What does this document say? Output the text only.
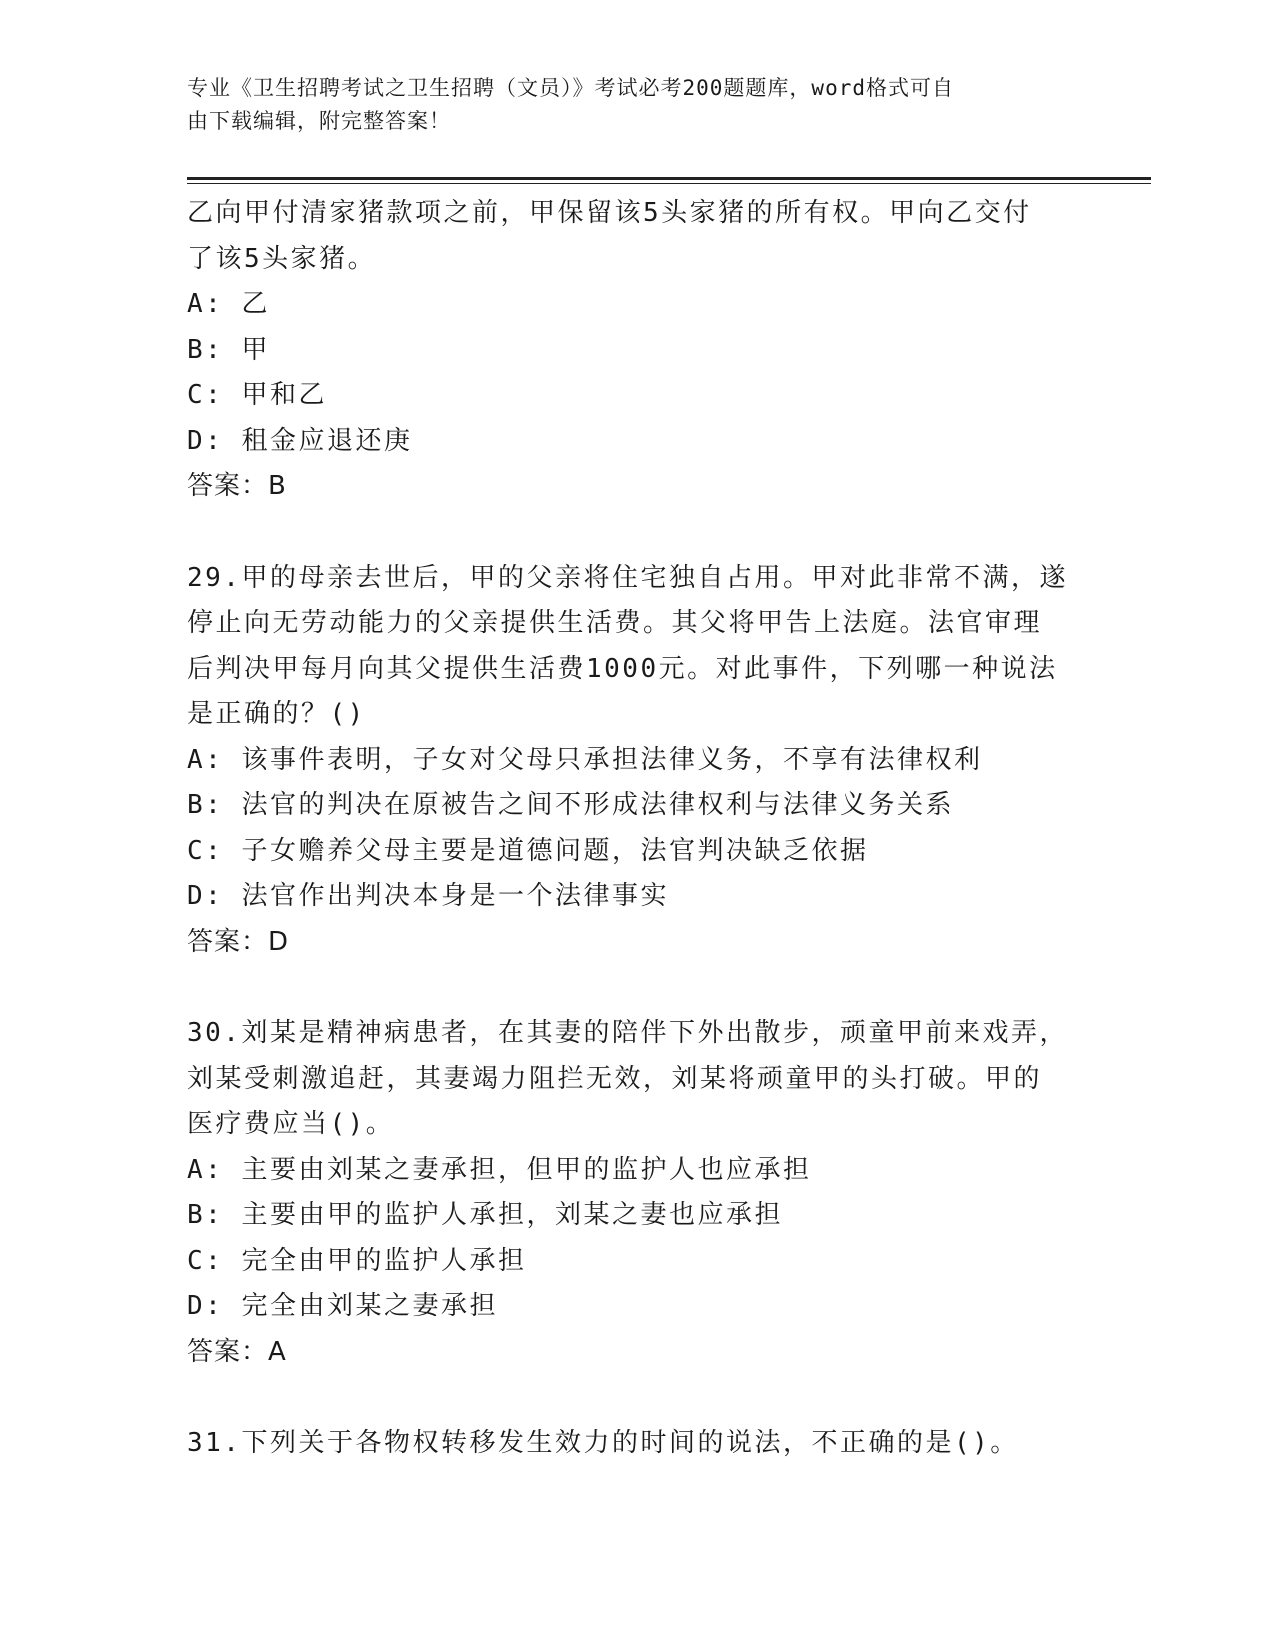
专业《卫生招聘考试之卫生招聘（文员）》考试必考200题题库，word格式可自
由下载编辑，附完整答案！
乙向甲付清家猪款项之前，甲保留该5头家猪的所有权。甲向乙交付
了该5头家猪。
A: 乙
B: 甲
C: 甲和乙
D: 租金应退还庚
答案：B
29.甲的母亲去世后，甲的父亲将住宅独自占用。甲对此非常不满，遂
停止向无劳动能力的父亲提供生活费。其父将甲告上法庭。法官审理
后判决甲每月向其父提供生活费1000元。对此事件，下列哪一种说法
是正确的？()
A: 该事件表明，子女对父母只承担法律义务，不享有法律权利
B: 法官的判决在原被告之间不形成法律权利与法律义务关系
C: 子女赡养父母主要是道德问题，法官判决缺乏依据
D: 法官作出判决本身是一个法律事实
答案：D
30.刘某是精神病患者，在其妻的陪伴下外出散步，顽童甲前来戏弄，
刘某受刺激追赶，其妻竭力阻拦无效，刘某将顽童甲的头打破。甲的
医疗费应当()。
A: 主要由刘某之妻承担，但甲的监护人也应承担
B: 主要由甲的监护人承担，刘某之妻也应承担
C: 完全由甲的监护人承担
D: 完全由刘某之妻承担
答案：A
31.下列关于各物权转移发生效力的时间的说法，不正确的是()。
